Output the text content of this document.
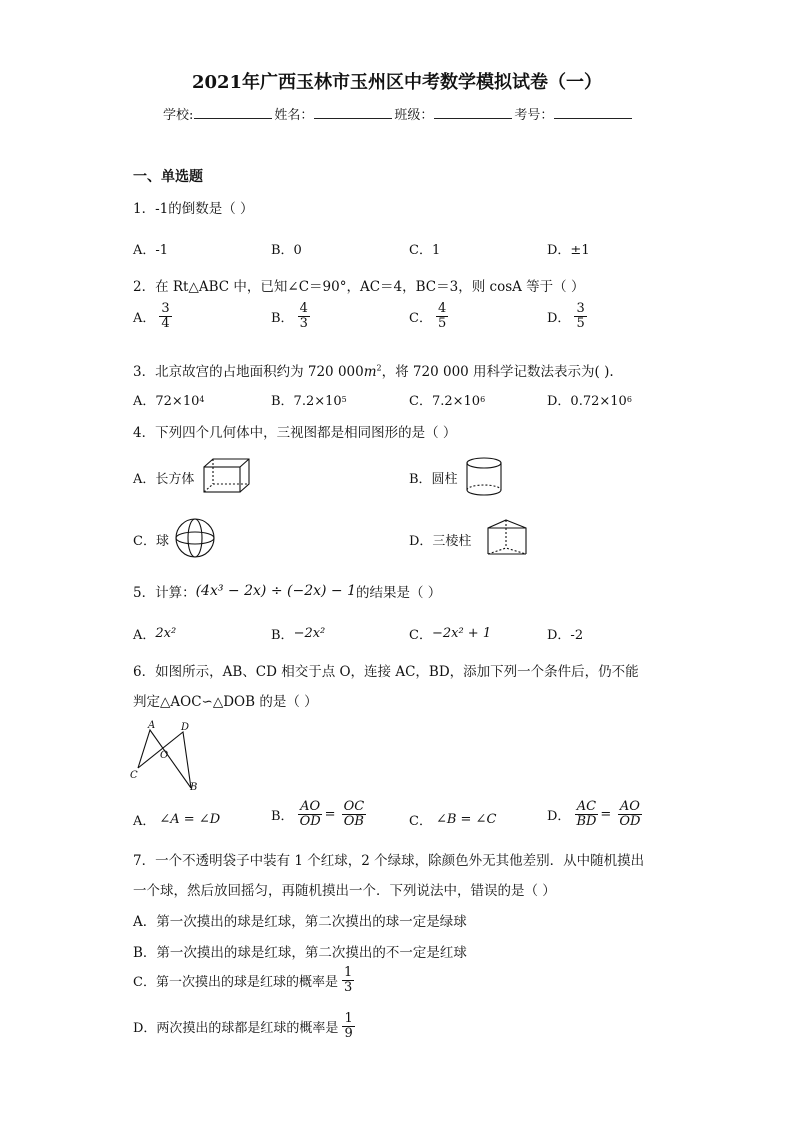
2021年广西玉林市玉州区中考数学模拟试卷（一）
学校:	姓名：	班级：	考号：
一、单选题
1．-1的倒数是（ ）
A．-1	B．0	C．1	D．±1
2．在 Rt△ABC 中，已知∠C＝90°，AC＝4，BC＝3，则 cosA 等于（ ）
A． $\frac{3}{4}$	B． $\frac{4}{3}$	C． $\frac{4}{5}$	D． $\frac{3}{5}$
3．北京故宫的占地面积约为 720 $000m^2$，将 720 000 用科学记数法表示为( ).
A．72×10 4	B．7.2×10 5	C．7.2×10 6	D．0.72×10 6
4．下列四个几何体中，三视图都是相同图形的是（ ）
A．长方体	B．圆柱
C．球	D．三棱柱
5．计算： (4x³ − 2x) ÷ (−2x) − 1 的结果是（ ）
A． 2x²	B． −2x²	C． −2x² + 1	D．-2
6．如图所示，AB、CD 相交于点 O，连接 AC，BD，添加下列一个条件后，仍不能
判定△AOC∽△DOB 的是（ ）
A	D
O
C
B
A． ∠A = ∠D	B． $\frac{AO}{OD} = \frac{OC}{OB}$	C． ∠B = ∠C	D． $\frac{AC}{BD} = \frac{AO}{OD}$
7．一个不透明袋子中装有 1 个红球，2 个绿球，除颜色外无其他差别．从中随机摸出
一个球，然后放回摇匀，再随机摸出一个．下列说法中，错误的是（ ）
A．第一次摸出的球是红球，第二次摸出的球一定是绿球
B．第一次摸出的球是红球，第二次摸出的不一定是红球
C．第一次摸出的球是红球的概率是 $\frac{1}{3}$
D．两次摸出的球都是红球的概率是 $\frac{1}{9}$
